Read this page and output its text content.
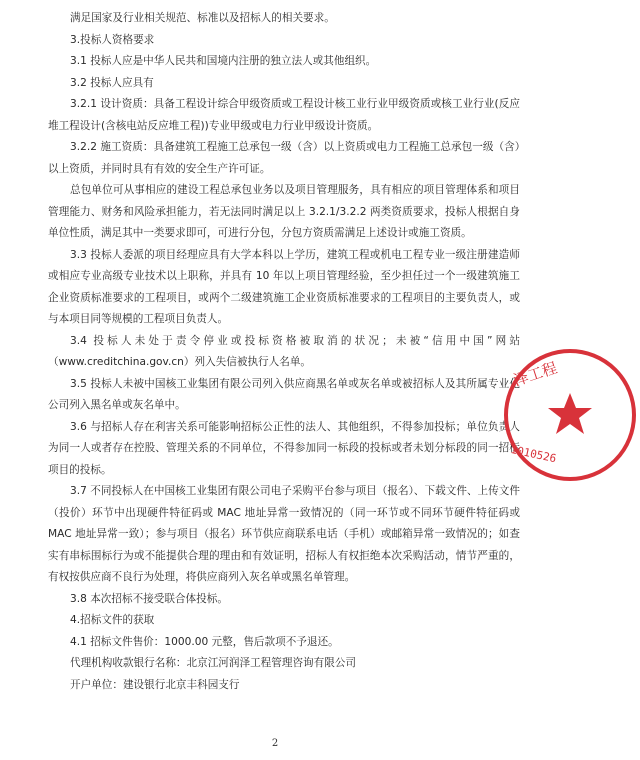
满足国家及行业相关规范、标准以及招标人的相关要求。

3.投标人资格要求

3.1 投标人应是中华人民共和国境内注册的独立法人或其他组织。

3.2 投标人应具有

3.2.1 设计资质：具备工程设计综合甲级资质或工程设计核工业行业甲级资质或核工业行业(反应堆工程设计(含核电站反应堆工程))专业甲级或电力行业甲级设计资质。

3.2.2 施工资质：具备建筑工程施工总承包一级（含）以上资质或电力工程施工总承包一级（含）以上资质，并同时具有有效的安全生产许可证。

总包单位可从事相应的建设工程总承包业务以及项目管理服务，具有相应的项目管理体系和项目管理能力、财务和风险承担能力，若无法同时满足以上 3.2.1/3.2.2 两类资质要求，投标人根据自身单位性质，满足其中一类要求即可，可进行分包，分包方资质需满足上述设计或施工资质。

3.3 投标人委派的项目经理应具有大学本科以上学历，建筑工程或机电工程专业一级注册建造师或相应专业高级专业技术以上职称，并具有 10 年以上项目管理经验，至少担任过一个一级建筑施工企业资质标准要求的工程项目，或两个二级建筑施工企业资质标准要求的工程项目的主要负责人，或与本项目同等规模的工程项目负责人。

3.4 投标人未处于责令停业或投标资格被取消的状况；未被“信用中国”网站（www.creditchina.gov.cn）列入失信被执行人名单。

3.5 投标人未被中国核工业集团有限公司列入供应商黑名单或灰名单或被招标人及其所属专业化公司列入黑名单或灰名单中。

3.6 与招标人存在利害关系可能影响招标公正性的法人、其他组织，不得参加投标；单位负责人为同一人或者存在控股、管理关系的不同单位，不得参加同一标段的投标或者未划分标段的同一招标项目的投标。

3.7 不同投标人在中国核工业集团有限公司电子采购平台参与项目（报名）、下载文件、上传文件（投价）环节中出现硬件特征码或 MAC 地址异常一致情况的（同一环节或不同环节硬件特征码或 MAC 地址异常一致）；参与项目（报名）环节供应商联系电话（手机）或邮箱异常一致情况的；如查实有串标围标行为或不能提供合理的理由和有效证明，招标人有权拒绝本次采购活动，情节严重的，有权按供应商不良行为处理，将供应商列入灰名单或黑名单管理。

3.8 本次招标不接受联合体投标。

4.招标文件的获取

4.1 招标文件售价：1000.00 元整，售后款项不予退还。

代理机构收款银行名称：北京江河润泽工程管理咨询有限公司

开户单位：建设银行北京丰科园支行

泽工程
1010526
2
